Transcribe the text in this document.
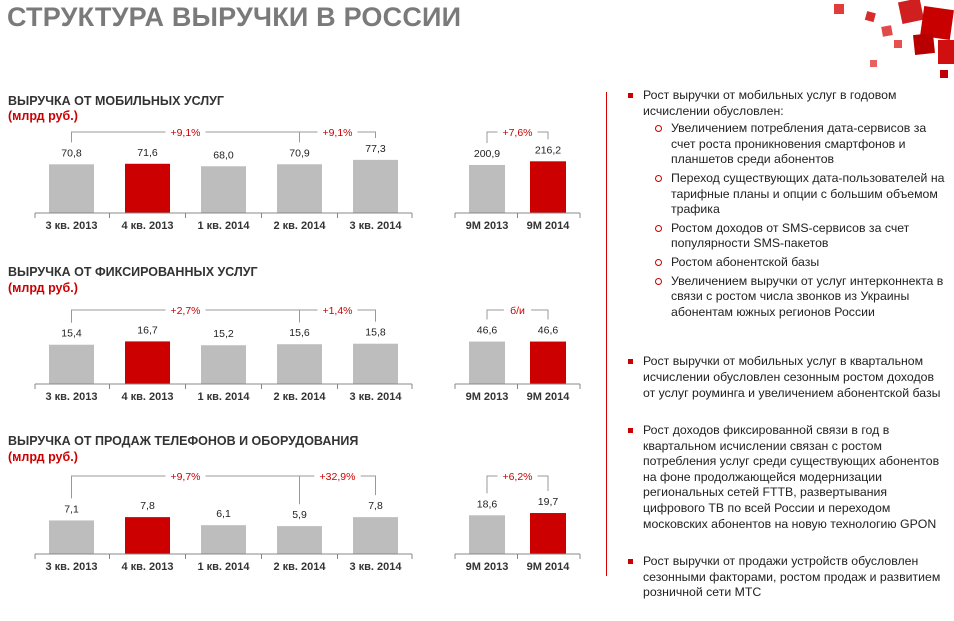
СТРУКТУРА ВЫРУЧКИ В РОССИИ
ВЫРУЧКА ОТ МОБИЛЬНЫХ УСЛУГ
(млрд руб.)
ВЫРУЧКА ОТ ФИКСИРОВАННЫХ УСЛУГ
(млрд руб.)
ВЫРУЧКА ОТ ПРОДАЖ ТЕЛЕФОНОВ И ОБОРУДОВАНИЯ
(млрд руб.)
70,8
3 кв. 2013
71,6
4 кв. 2013
68,0
1 кв. 2014
70,9
2 кв. 2014
77,3
3 кв. 2014
+9,1%	+9,1%
200,9
9М 2013
216,2
9М 2014
+7,6%
15,4
3 кв. 2013
16,7
4 кв. 2013
15,2
1 кв. 2014
15,6
2 кв. 2014
15,8
3 кв. 2014
+2,7%	+1,4%
46,6
9М 2013
46,6
9М 2014
б/и
7,1
3 кв. 2013
7,8
4 кв. 2013
6,1
1 кв. 2014
5,9
2 кв. 2014
7,8
3 кв. 2014
+9,7%	+32,9%
18,6
9М 2013
19,7
9М 2014
+6,2%
Рост выручки от мобильных услуг в годовом исчислении обусловлен:
Увеличением потребления дата-сервисов за счет роста проникновения смартфонов и планшетов среди абонентов
Переход существующих дата-пользователей на тарифные планы и опции с большим объемом трафика
Ростом доходов от SMS-сервисов за счет популярности SMS-пакетов
Ростом абонентской базы
Увеличением выручки от услуг интерконнекта в связи с ростом числа звонков из Украины абонентам южных регионов России
Рост выручки от мобильных услуг в квартальном исчислении обусловлен сезонным ростом доходов от услуг роуминга и увеличением абонентской базы
Рост доходов фиксированной связи в год в квартальном исчислении связан с ростом потребления услуг среди существующих абонентов на фоне продолжающейся модернизации региональных сетей FTTB, развертывания цифрового ТВ по всей России и переходом московских абонентов на новую технологию GPON
Рост выручки от продажи устройств обусловлен сезонными факторами, ростом продаж и развитием розничной сети МТС
